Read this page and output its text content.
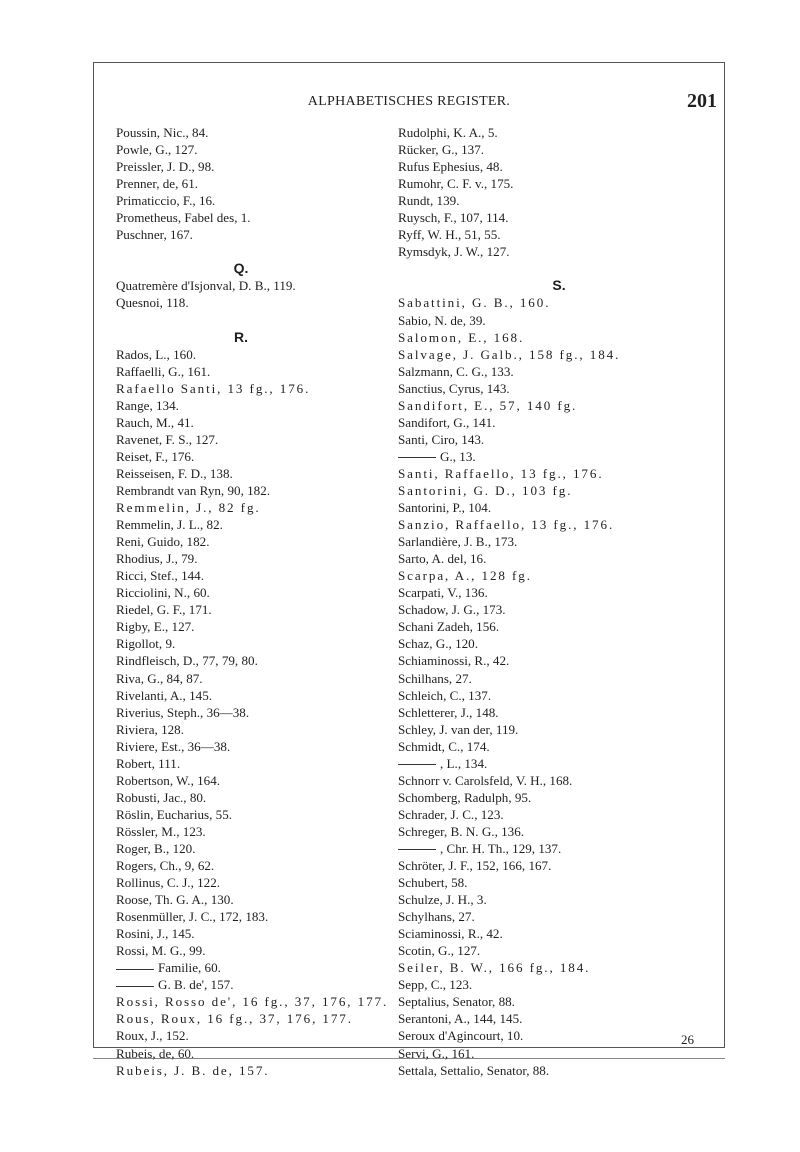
ALPHABETISCHES REGISTER.	201
Poussin, Nic., 84.
Powle, G., 127.
Preissler, J. D., 98.
Prenner, de, 61.
Primaticcio, F., 16.
Prometheus, Fabel des, 1.
Puschner, 167.
Q.
Quatremère d'Isjonval, D. B., 119.
Quesnoi, 118.
R.
Rados, L., 160.
Raffaelli, G., 161.
Rafaello Santi, 13 fg., 176.
Range, 134.
Rauch, M., 41.
Ravenet, F. S., 127.
Reiset, F., 176.
Reisseisen, F. D., 138.
Rembrandt van Ryn, 90, 182.
Remmelin, J., 82 fg.
Remmelin, J. L., 82.
Reni, Guido, 182.
Rhodius, J., 79.
Ricci, Stef., 144.
Ricciolini, N., 60.
Riedel, G. F., 171.
Rigby, E., 127.
Rigollot, 9.
Rindfleisch, D., 77, 79, 80.
Riva, G., 84, 87.
Rivelanti, A., 145.
Riverius, Steph., 36—38.
Riviera, 128.
Riviere, Est., 36—38.
Robert, 111.
Robertson, W., 164.
Robusti, Jac., 80.
Röslin, Eucharius, 55.
Rössler, M., 123.
Roger, B., 120.
Rogers, Ch., 9, 62.
Rollinus, C. J., 122.
Roose, Th. G. A., 130.
Rosenmüller, J. C., 172, 183.
Rosini, J., 145.
Rossi, M. G., 99.
Familie, 60.
G. B. de', 157.
Rossi, Rosso de', 16 fg., 37, 176, 177.
Rous, Roux, 16 fg., 37, 176, 177.
Roux, J., 152.
Rubeis, de, 60.
Rubeis, J. B. de, 157.
Rudolphi, K. A., 5.
Rücker, G., 137.
Rufus Ephesius, 48.
Rumohr, C. F. v., 175.
Rundt, 139.
Ruysch, F., 107, 114.
Ryff, W. H., 51, 55.
Rymsdyk, J. W., 127.
S.
Sabattini, G. B., 160.
Sabio, N. de, 39.
Salomon, E., 168.
Salvage, J. Galb., 158 fg., 184.
Salzmann, C. G., 133.
Sanctius, Cyrus, 143.
Sandifort, E., 57, 140 fg.
Sandifort, G., 141.
Santi, Ciro, 143.
G., 13.
Santi, Raffaello, 13 fg., 176.
Santorini, G. D., 103 fg.
Santorini, P., 104.
Sanzio, Raffaello, 13 fg., 176.
Sarlandière, J. B., 173.
Sarto, A. del, 16.
Scarpa, A., 128 fg.
Scarpati, V., 136.
Schadow, J. G., 173.
Schani Zadeh, 156.
Schaz, G., 120.
Schiaminossi, R., 42.
Schilhans, 27.
Schleich, C., 137.
Schletterer, J., 148.
Schley, J. van der, 119.
Schmidt, C., 174.
, L., 134.
Schnorr v. Carolsfeld, V. H., 168.
Schomberg, Radulph, 95.
Schrader, J. C., 123.
Schreger, B. N. G., 136.
, Chr. H. Th., 129, 137.
Schröter, J. F., 152, 166, 167.
Schubert, 58.
Schulze, J. H., 3.
Schylhans, 27.
Sciaminossi, R., 42.
Scotin, G., 127.
Seiler, B. W., 166 fg., 184.
Sepp, C., 123.
Septalius, Senator, 88.
Serantoni, A., 144, 145.
Seroux d'Agincourt, 10.
Servi, G., 161.
Settala, Settalio, Senator, 88.
26
